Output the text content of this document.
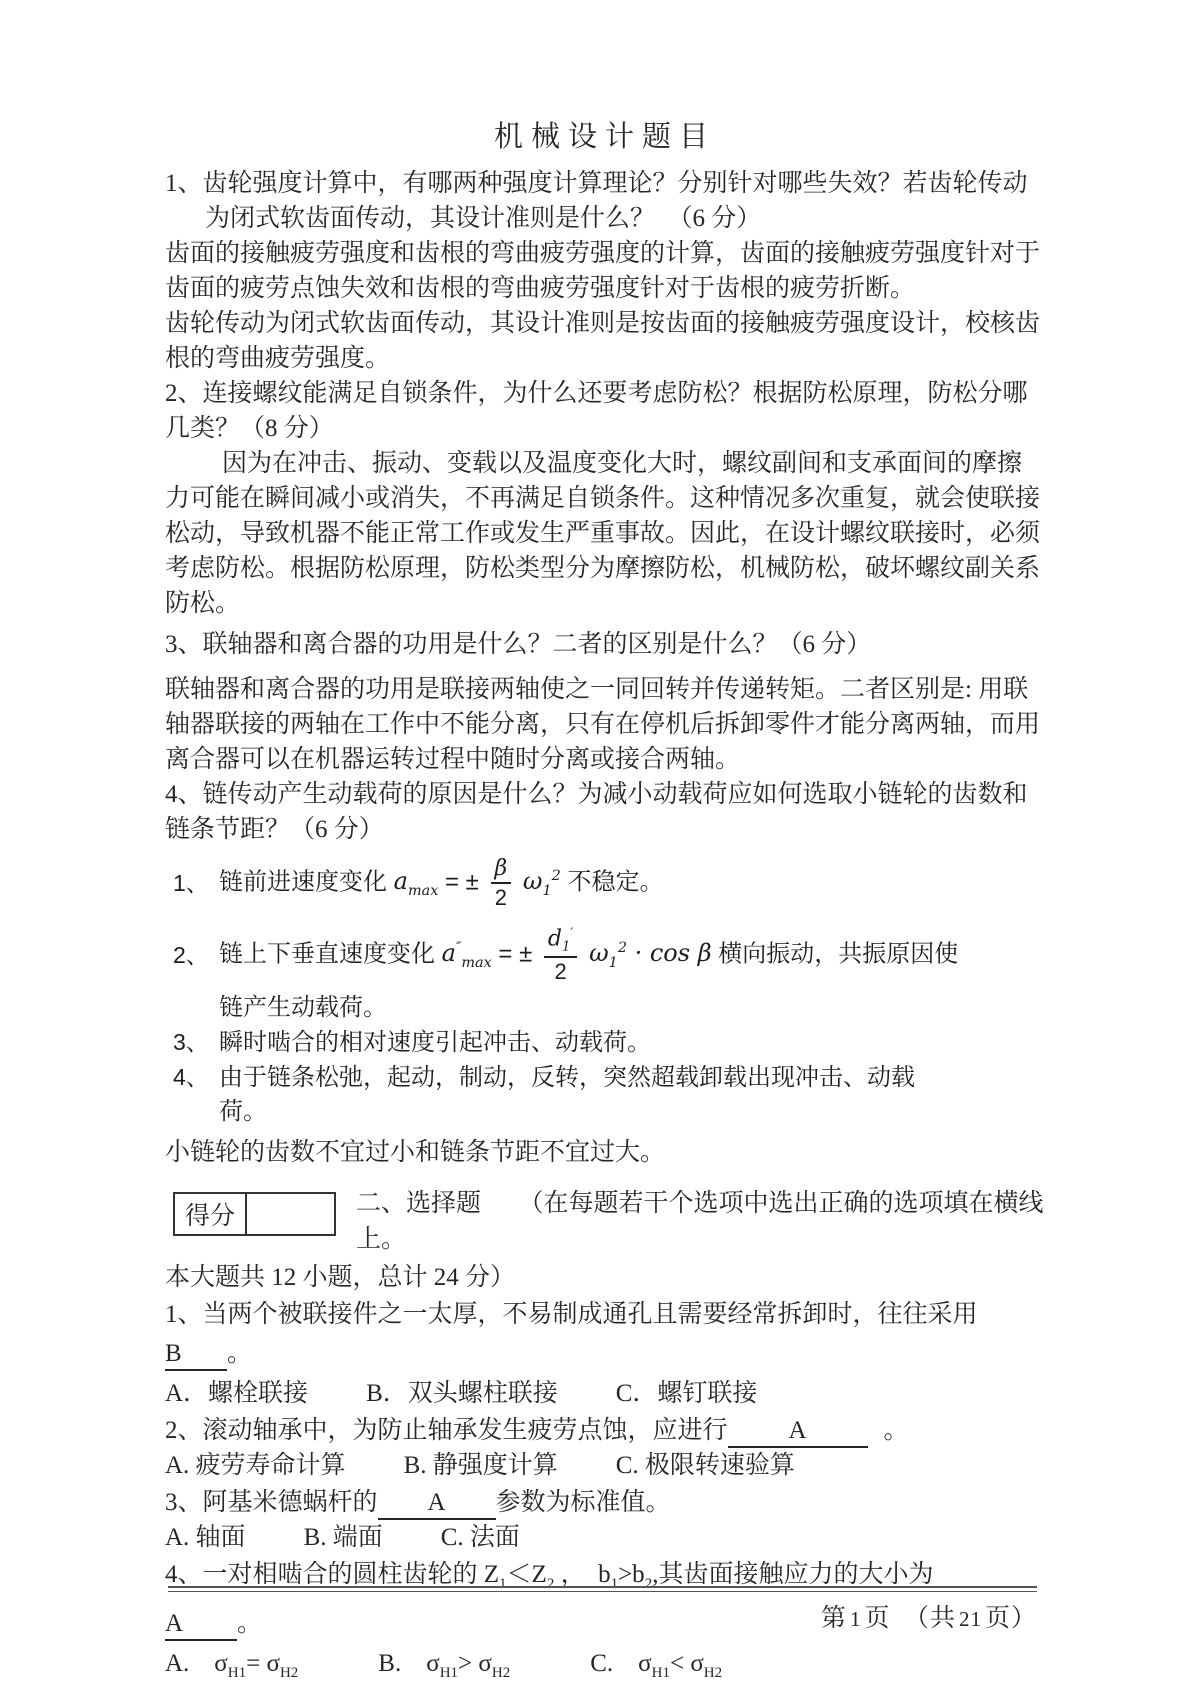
机械设计题目

1、齿轮强度计算中，有哪两种强度计算理论？分别针对哪些失效？若齿轮传动为闭式软齿面传动，其设计准则是什么？　（6 分）

齿面的接触疲劳强度和齿根的弯曲疲劳强度的计算，齿面的接触疲劳强度针对于齿面的疲劳点蚀失效和齿根的弯曲疲劳强度针对于齿根的疲劳折断。

齿轮传动为闭式软齿面传动，其设计准则是按齿面的接触疲劳强度设计，校核齿根的弯曲疲劳强度。

2、连接螺纹能满足自锁条件，为什么还要考虑防松？根据防松原理，防松分哪几类？（8 分）

因为在冲击、振动、变载以及温度变化大时，螺纹副间和支承面间的摩擦力可能在瞬间减小或消失，不再满足自锁条件。这种情况多次重复，就会使联接松动，导致机器不能正常工作或发生严重事故。因此，在设计螺纹联接时，必须考虑防松。根据防松原理，防松类型分为摩擦防松，机械防松，破坏螺纹副关系防松。

3、联轴器和离合器的功用是什么？二者的区别是什么？（6 分）

联轴器和离合器的功用是联接两轴使之一同回转并传递转矩。二者区别是: 用联轴器联接的两轴在工作中不能分离，只有在停机后拆卸零件才能分离两轴，而用离合器可以在机器运转过程中随时分离或接合两轴。

4、链传动产生动载荷的原因是什么？为减小动载荷应如何选取小链轮的齿数和链条节距？（6 分）

1、 链前进速度变化 $a_{max}$ = ± $\frac{\beta}{2} \omega_1^2$ 不稳定。
2、 链上下垂直速度变化 $a''_{max}$ = ± $\frac{d_1'}{2} \omega_1^2 \cdot \cos \beta$ 横向振动，共振原因使
链产生动载荷。
3、 瞬时啮合的相对速度引起冲击、动载荷。
4、 由于链条松弛，起动，制动，反转，突然超载卸载出现冲击、动载
荷。

小链轮的齿数不宜过小和链条节距不宜过大。

得分		二、选择题　　（在每题若干个选项中选出正确的选项填在横线
上。

本大题共 12 小题，总计 24 分）

1、当两个被联接件之一太厚，不易制成通孔且需要经常拆卸时，往往采用

B 。

A．螺栓联接 B．双头螺柱联接 C．螺钉联接

2、滚动轴承中，为防止轴承发生疲劳点蚀，应进行 A	。

A. 疲劳寿命计算 B. 静强度计算 C. 极限转速验算

3、阿基米德蜗杆的 A 参数为标准值。

A. 轴面 B. 端面 C. 法面

4、一对相啮合的圆柱齿轮的 $Z_1<Z_2$ ，　$b_1>b_2$,其齿面接触应力的大小为

A 。

A.　$\sigma_{H1}= \sigma_{H2}$	B.　$\sigma_{H1}> \sigma_{H2}$	C.　$\sigma_{H1}< \sigma_{H2}$

第 1 页　 （共 21 页）
